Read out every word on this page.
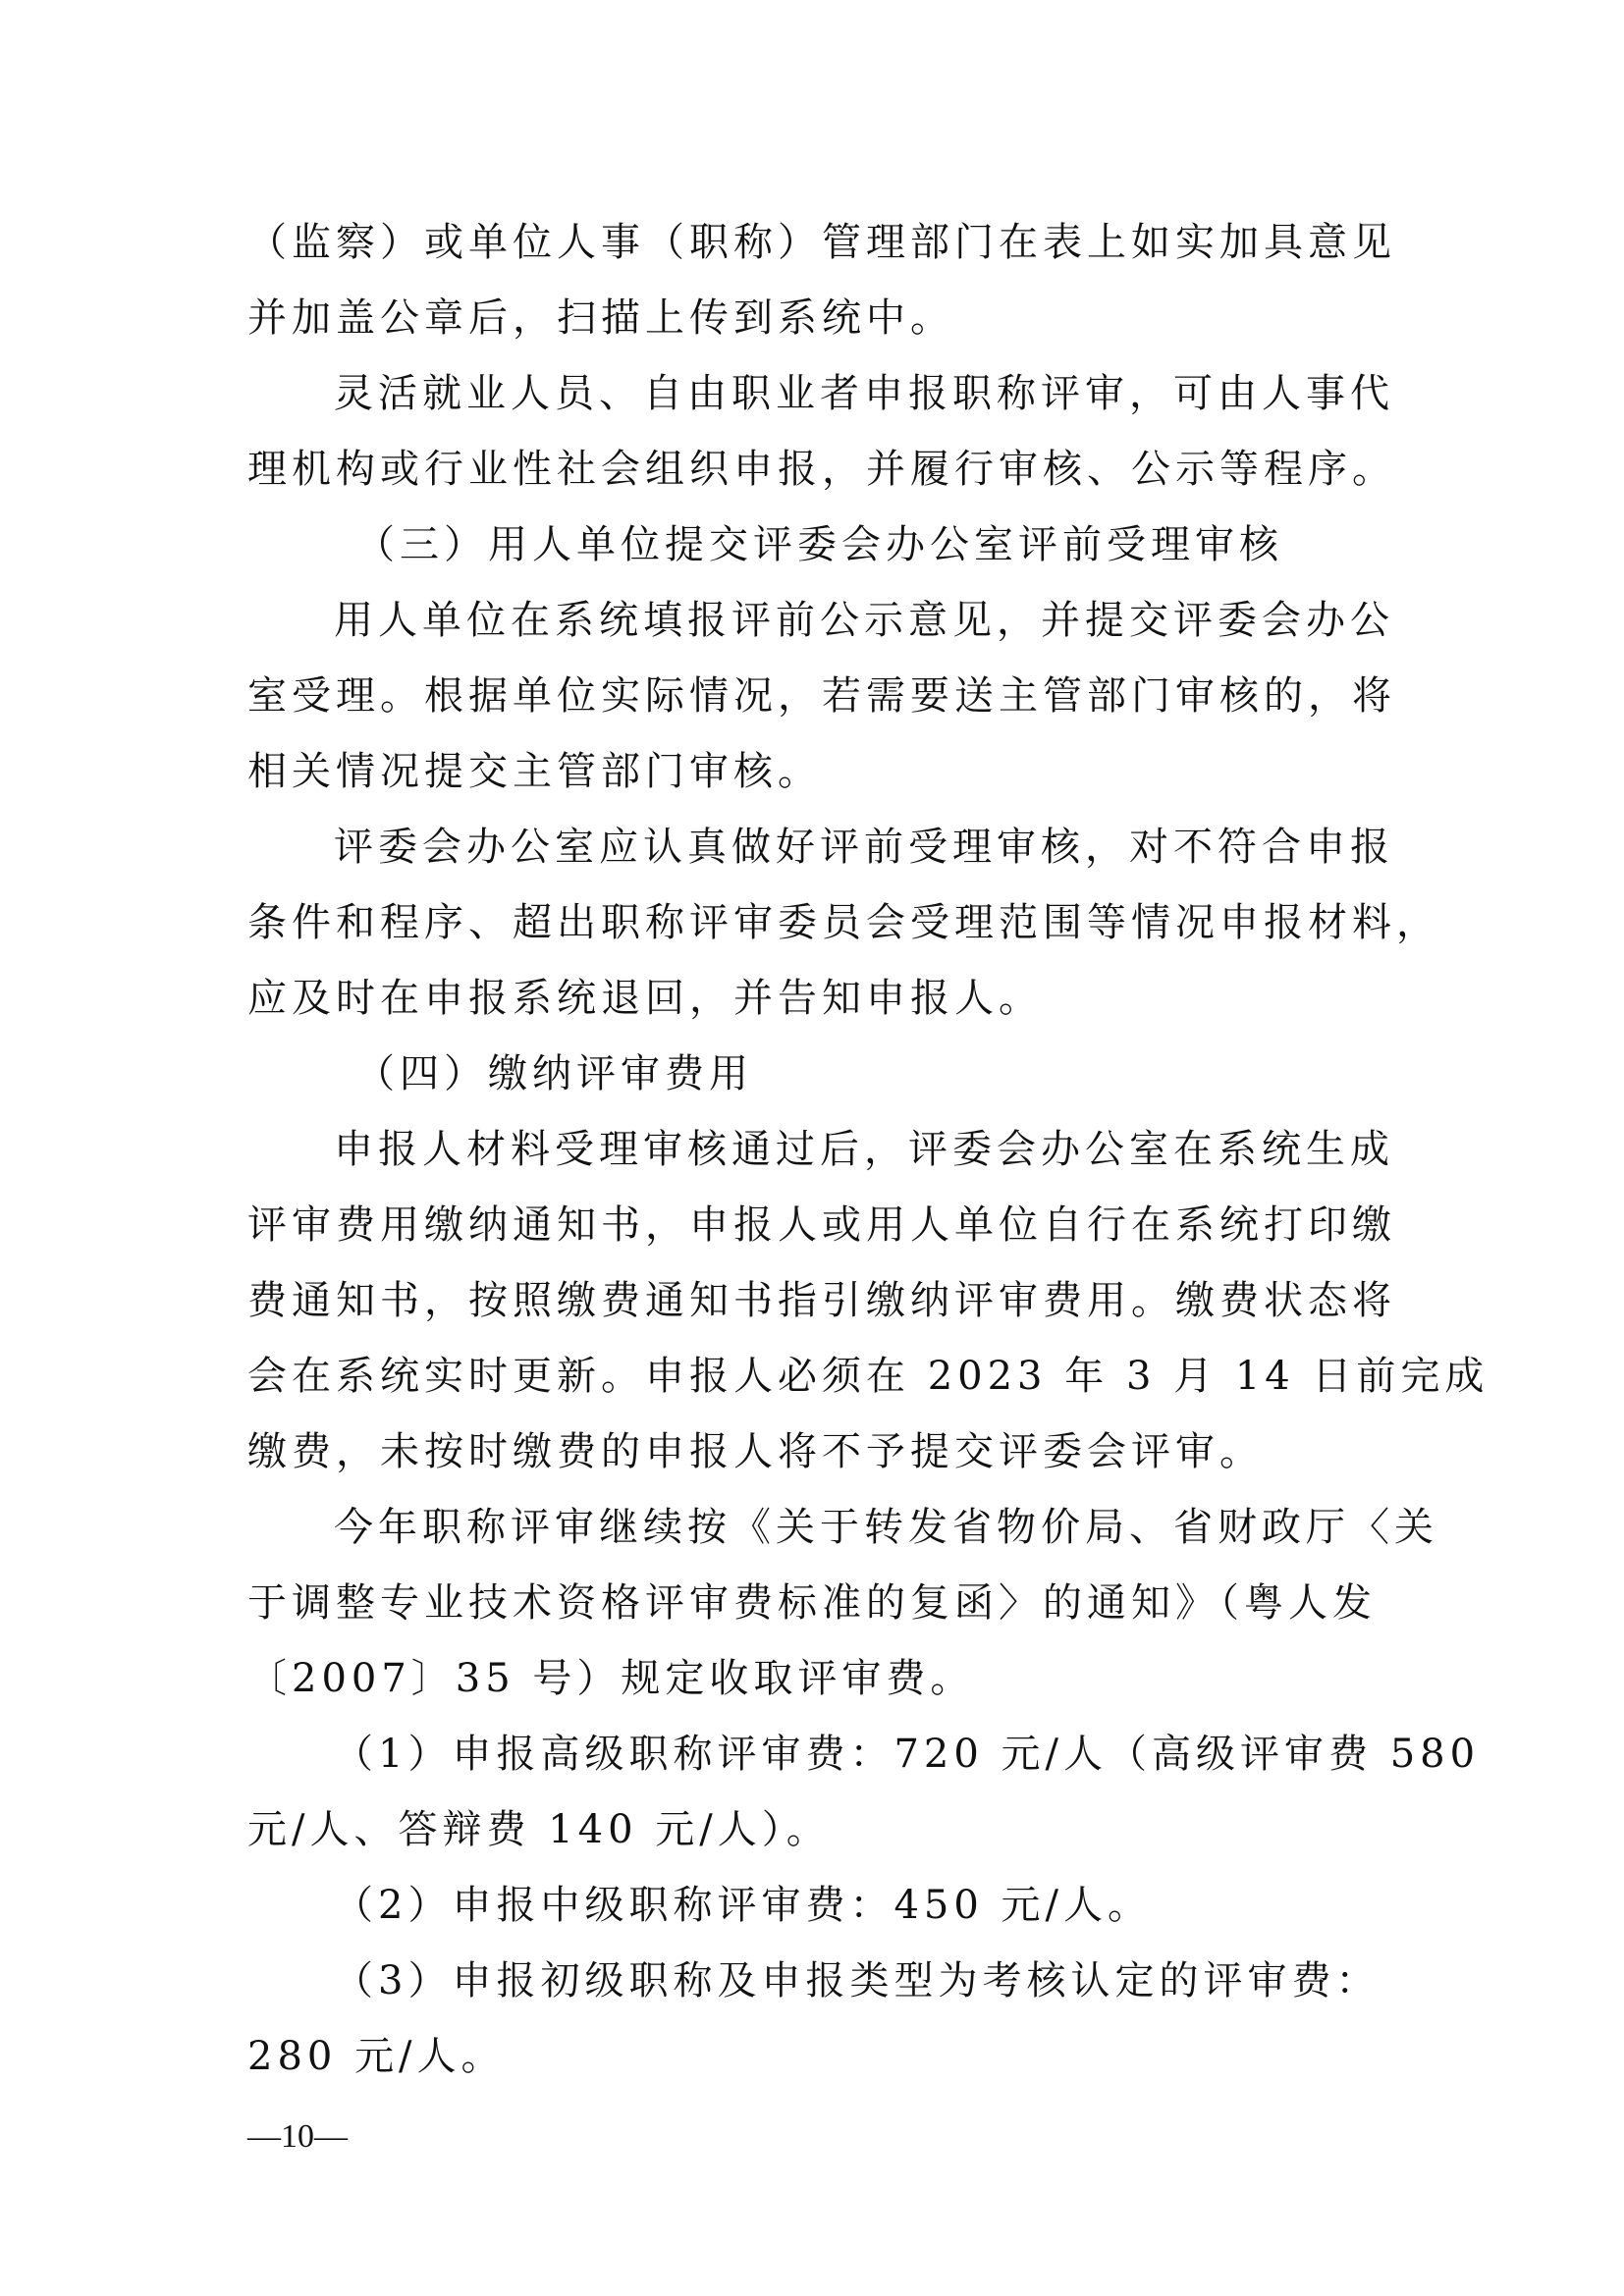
（监察）或单位人事（职称）管理部门在表上如实加具意见
并加盖公章后，扫描上传到系统中。
灵活就业人员、自由职业者申报职称评审，可由人事代
理机构或行业性社会组织申报，并履行审核、公示等程序。
（三）用人单位提交评委会办公室评前受理审核
用人单位在系统填报评前公示意见，并提交评委会办公
室受理。根据单位实际情况，若需要送主管部门审核的，将
相关情况提交主管部门审核。
评委会办公室应认真做好评前受理审核，对不符合申报
条件和程序、超出职称评审委员会受理范围等情况申报材料，
应及时在申报系统退回，并告知申报人。
（四）缴纳评审费用
申报人材料受理审核通过后，评委会办公室在系统生成
评审费用缴纳通知书，申报人或用人单位自行在系统打印缴
费通知书，按照缴费通知书指引缴纳评审费用。缴费状态将
会在系统实时更新。申报人必须在 2023 年 3 月 14 日前完成
缴费，未按时缴费的申报人将不予提交评委会评审。
今年职称评审继续按《关于转发省物价局、省财政厅〈关
于调整专业技术资格评审费标准的复函〉的通知》（粤人发
〔2007〕35 号）规定收取评审费。
（1）申报高级职称评审费：720 元/人（高级评审费 580
元/人、答辩费 140 元/人）。
（2）申报中级职称评审费：450 元/人。
（3）申报初级职称及申报类型为考核认定的评审费：
280 元/人。
—10—
